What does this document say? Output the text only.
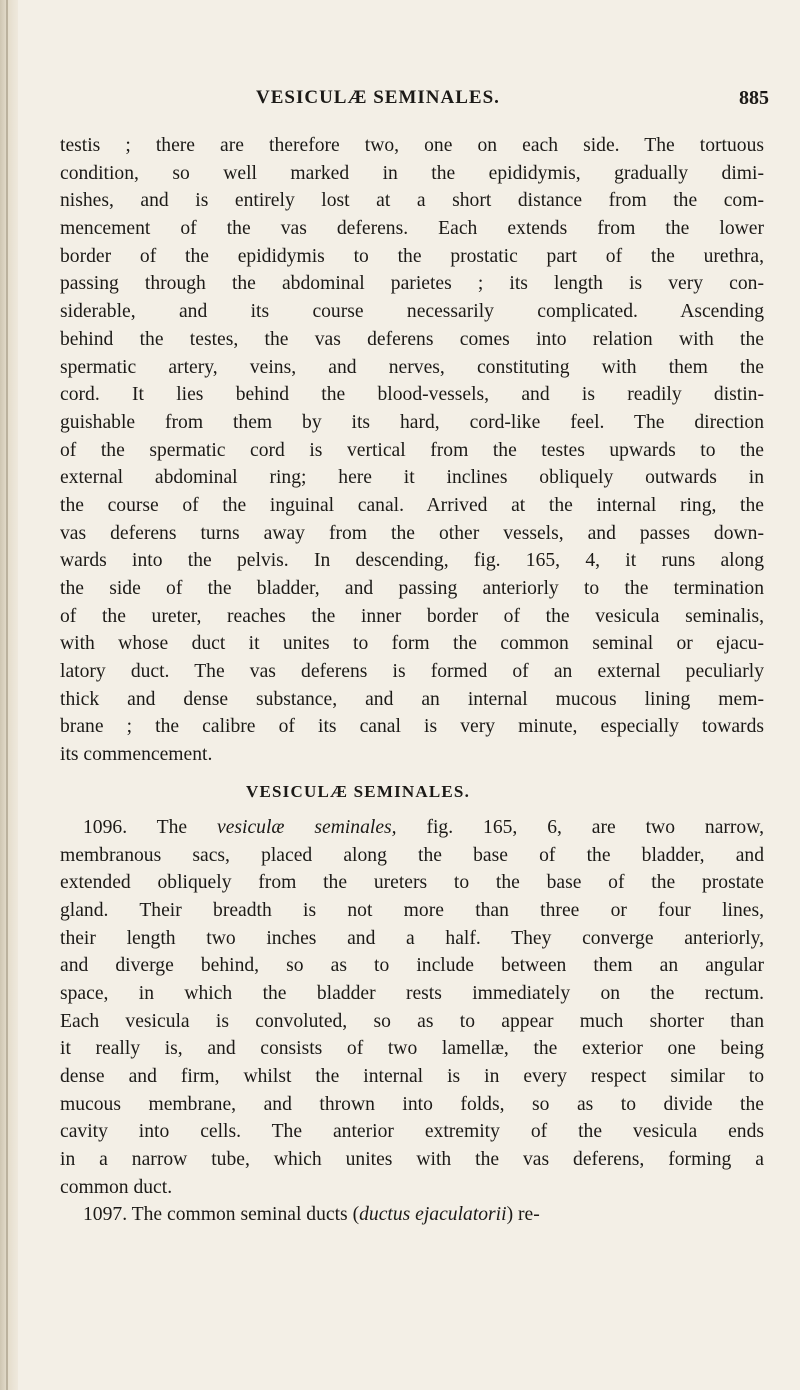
VESICULÆ SEMINALES.	885
testis ; there are therefore two, one on each side. The tortuous
condition, so well marked in the epididymis, gradually dimi-
nishes, and is entirely lost at a short distance from the com-
mencement of the vas deferens. Each extends from the lower
border of the epididymis to the prostatic part of the urethra,
passing through the abdominal parietes ; its length is very con-
siderable, and its course necessarily complicated. Ascending
behind the testes, the vas deferens comes into relation with the
spermatic artery, veins, and nerves, constituting with them the
cord. It lies behind the blood-vessels, and is readily distin-
guishable from them by its hard, cord-like feel. The direction
of the spermatic cord is vertical from the testes upwards to the
external abdominal ring; here it inclines obliquely outwards in
the course of the inguinal canal. Arrived at the internal ring, the
vas deferens turns away from the other vessels, and passes down-
wards into the pelvis. In descending, fig. 165, 4, it runs along
the side of the bladder, and passing anteriorly to the termination
of the ureter, reaches the inner border of the vesicula seminalis,
with whose duct it unites to form the common seminal or ejacu-
latory duct. The vas deferens is formed of an external peculiarly
thick and dense substance, and an internal mucous lining mem-
brane ; the calibre of its canal is very minute, especially towards
its commencement.
VESICULÆ SEMINALES.
1096. The vesiculæ seminales, fig. 165, 6, are two narrow,
membranous sacs, placed along the base of the bladder, and
extended obliquely from the ureters to the base of the prostate
gland. Their breadth is not more than three or four lines,
their length two inches and a half. They converge anteriorly,
and diverge behind, so as to include between them an angular
space, in which the bladder rests immediately on the rectum.
Each vesicula is convoluted, so as to appear much shorter than
it really is, and consists of two lamellæ, the exterior one being
dense and firm, whilst the internal is in every respect similar to
mucous membrane, and thrown into folds, so as to divide the
cavity into cells. The anterior extremity of the vesicula ends
in a narrow tube, which unites with the vas deferens, forming a
common duct.
1097. The common seminal ducts (ductus ejaculatorii) re-
